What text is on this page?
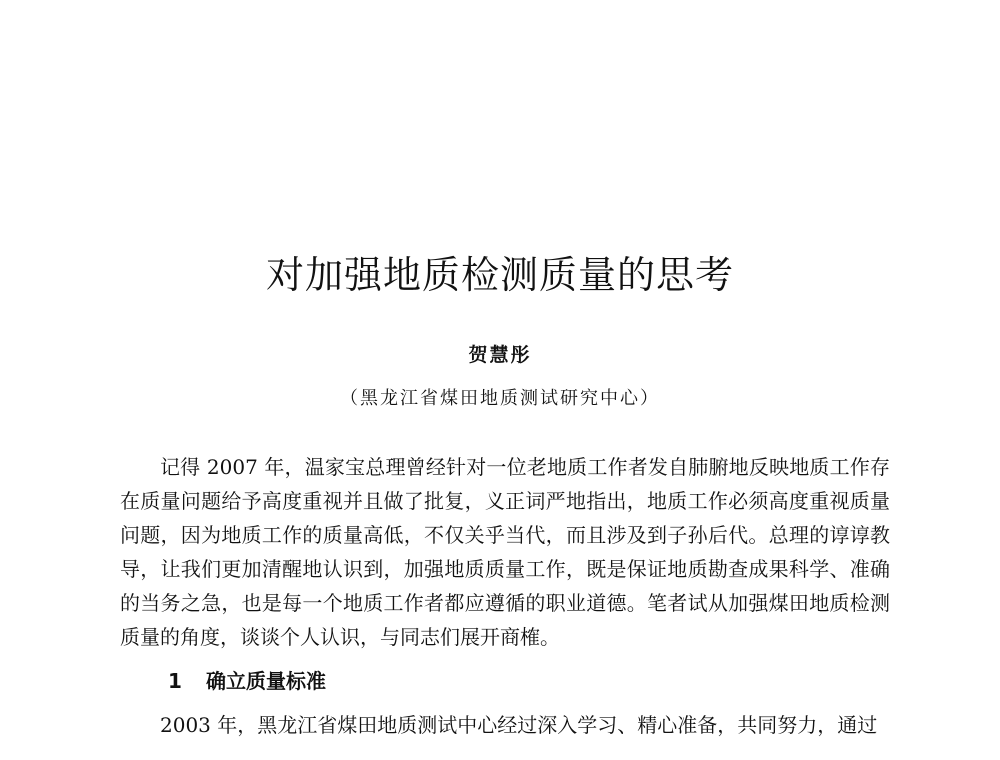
对加强地质检测质量的思考
贺慧彤
（黑龙江省煤田地质测试研究中心）

记得 2007 年，温家宝总理曾经针对一位老地质工作者发自肺腑地反映地质工作存在质量问题给予高度重视并且做了批复，义正词严地指出，地质工作必须高度重视质量问题，因为地质工作的质量高低，不仅关乎当代，而且涉及到子孙后代。总理的谆谆教导，让我们更加清醒地认识到，加强地质质量工作，既是保证地质勘查成果科学、准确的当务之急，也是每一个地质工作者都应遵循的职业道德。笔者试从加强煤田地质检测质量的角度，谈谈个人认识，与同志们展开商榷。

1 确立质量标准

2003 年，黑龙江省煤田地质测试中心经过深入学习、精心准备，共同努力，通过
